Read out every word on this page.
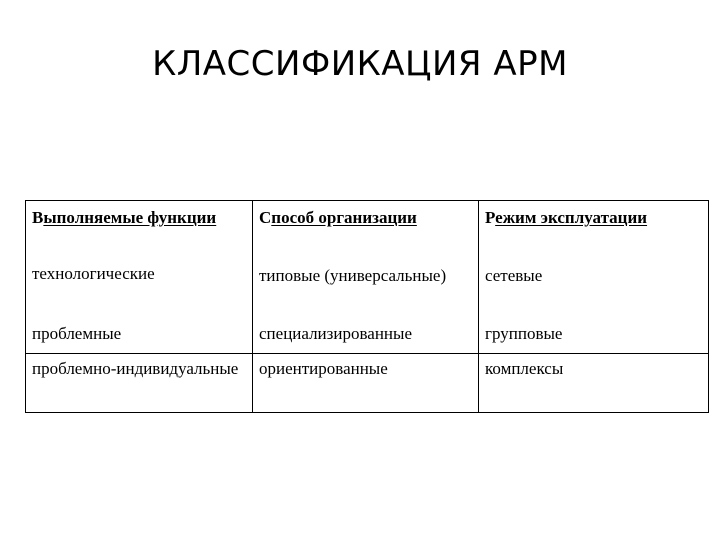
КЛАССИФИКАЦИЯ АРМ
Выполняемые функции	Способ организации	Режим эксплуатации
технологические	типовые (универсальные)	сетевые
проблемные	специализированные	групповые
проблемно-индивидуальные	ориентированные	комплексы
